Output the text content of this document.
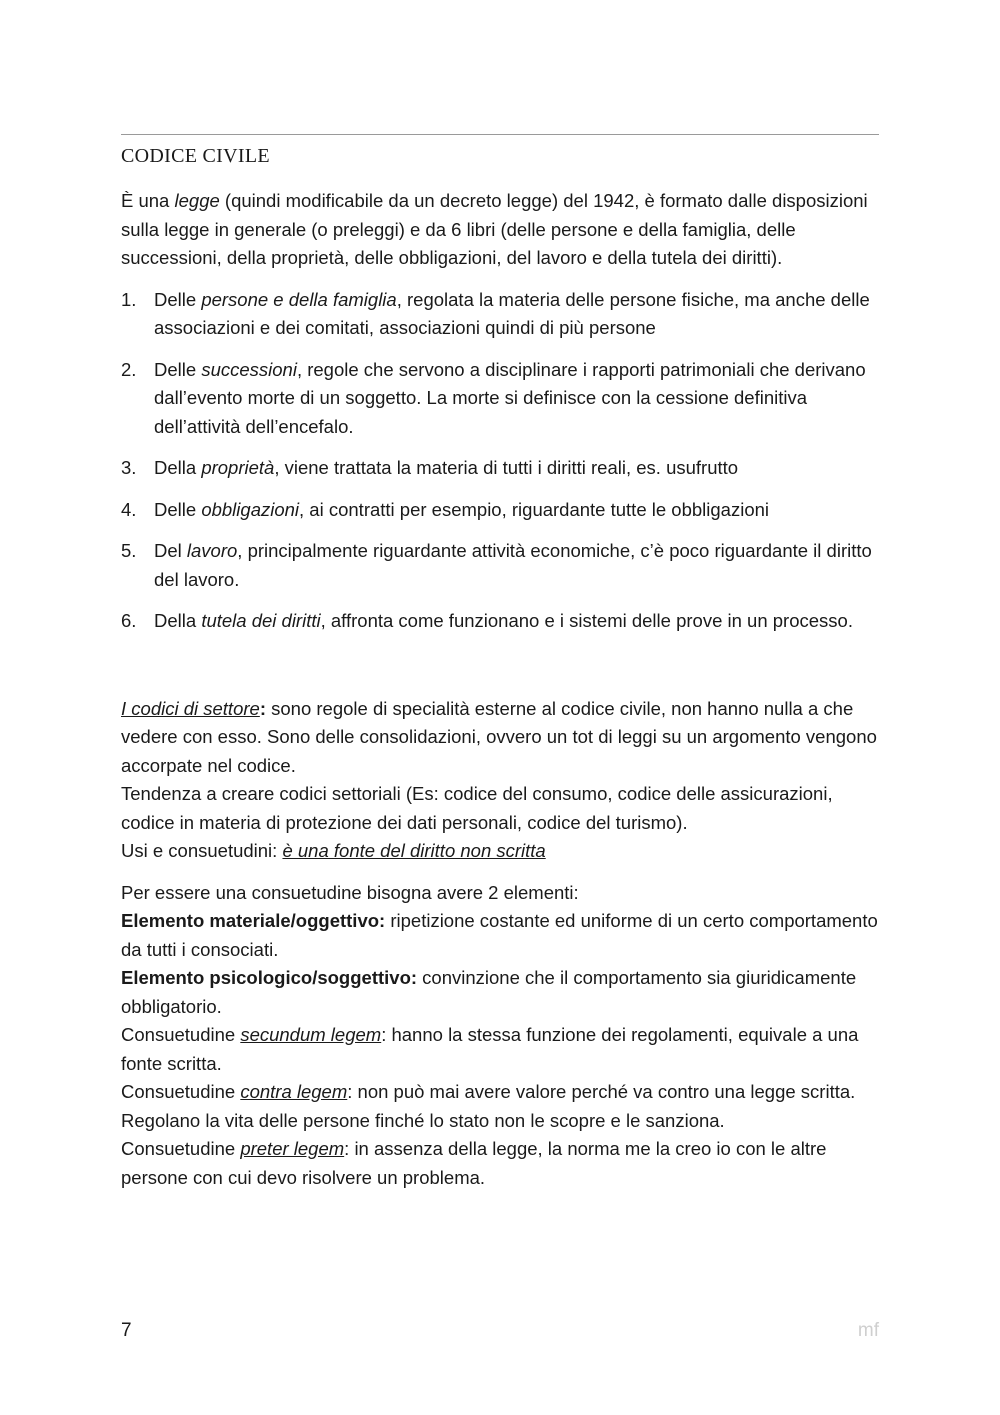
CODICE CIVILE

È una legge (quindi modificabile da un decreto legge) del 1942, è formato dalle disposizioni sulla legge in generale (o preleggi) e da 6 libri (delle persone e della famiglia, delle successioni, della proprietà, delle obbligazioni, del lavoro e della tutela dei diritti).

1. Delle persone e della famiglia, regolata la materia delle persone fisiche, ma anche delle associazioni e dei comitati, associazioni quindi di più persone
2. Delle successioni, regole che servono a disciplinare i rapporti patrimoniali che derivano dall’evento morte di un soggetto. La morte si definisce con la cessione definitiva dell’attività dell’encefalo.
3. Della proprietà, viene trattata la materia di tutti i diritti reali, es. usufrutto
4. Delle obbligazioni, ai contratti per esempio, riguardante tutte le obbligazioni
5. Del lavoro, principalmente riguardante attività economiche, c’è poco riguardante il diritto del lavoro.
6. Della tutela dei diritti, affronta come funzionano e i sistemi delle prove in un processo.

I codici di settore: sono regole di specialità esterne al codice civile, non hanno nulla a che vedere con esso. Sono delle consolidazioni, ovvero un tot di leggi su un argomento vengono accorpate nel codice.

Tendenza a creare codici settoriali (Es: codice del consumo, codice delle assicurazioni, codice in materia di protezione dei dati personali, codice del turismo).

Usi e consuetudini: è una fonte del diritto non scritta

Per essere una consuetudine bisogna avere 2 elementi:

Elemento materiale/oggettivo: ripetizione costante ed uniforme di un certo comportamento da tutti i consociati.

Elemento psicologico/soggettivo: convinzione che il comportamento sia giuridicamente obbligatorio.

Consuetudine secundum legem: hanno la stessa funzione dei regolamenti, equivale a una fonte scritta.

Consuetudine contra legem: non può mai avere valore perché va contro una legge scritta. Regolano la vita delle persone finché lo stato non le scopre e le sanziona.

Consuetudine preter legem: in assenza della legge, la norma me la creo io con le altre persone con cui devo risolvere un problema.

7	mf
